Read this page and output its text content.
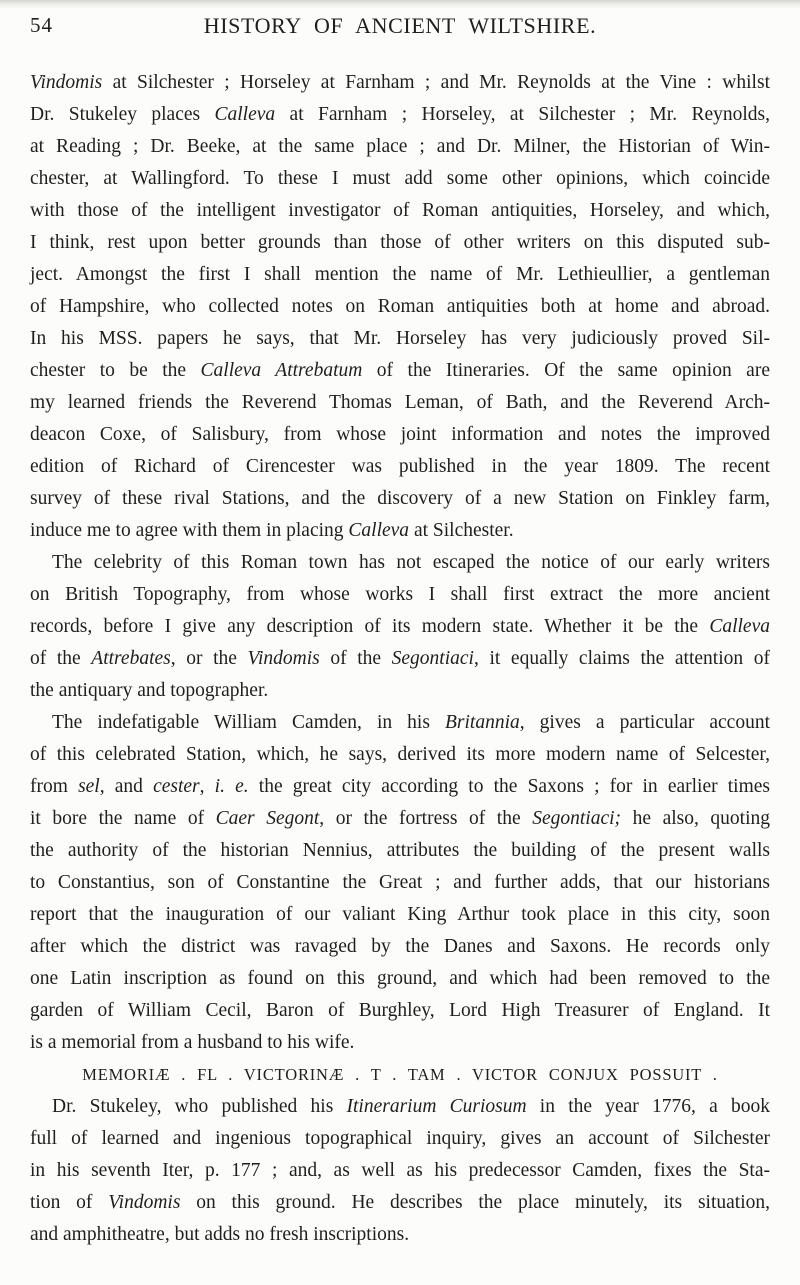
54	HISTORY OF ANCIENT WILTSHIRE.
Vindomis at Silchester ; Horseley at Farnham ; and Mr. Reynolds at the Vine : whilst
Dr. Stukeley places Calleva at Farnham ; Horseley, at Silchester ; Mr. Reynolds,
at Reading ; Dr. Beeke, at the same place ; and Dr. Milner, the Historian of Win-
chester, at Wallingford. To these I must add some other opinions, which coincide
with those of the intelligent investigator of Roman antiquities, Horseley, and which,
I think, rest upon better grounds than those of other writers on this disputed sub-
ject. Amongst the first I shall mention the name of Mr. Lethieullier, a gentleman
of Hampshire, who collected notes on Roman antiquities both at home and abroad.
In his MSS. papers he says, that Mr. Horseley has very judiciously proved Sil-
chester to be the Calleva Attrebatum of the Itineraries. Of the same opinion are
my learned friends the Reverend Thomas Leman, of Bath, and the Reverend Arch-
deacon Coxe, of Salisbury, from whose joint information and notes the improved
edition of Richard of Cirencester was published in the year 1809. The recent
survey of these rival Stations, and the discovery of a new Station on Finkley farm,
induce me to agree with them in placing Calleva at Silchester.
The celebrity of this Roman town has not escaped the notice of our early writers
on British Topography, from whose works I shall first extract the more ancient
records, before I give any description of its modern state. Whether it be the Calleva
of the Attrebates, or the Vindomis of the Segontiaci, it equally claims the attention of
the antiquary and topographer.
The indefatigable William Camden, in his Britannia, gives a particular account
of this celebrated Station, which, he says, derived its more modern name of Selcester,
from sel, and cester, i. e. the great city according to the Saxons ; for in earlier times
it bore the name of Caer Segont, or the fortress of the Segontiaci; he also, quoting
the authority of the historian Nennius, attributes the building of the present walls
to Constantius, son of Constantine the Great ; and further adds, that our historians
report that the inauguration of our valiant King Arthur took place in this city, soon
after which the district was ravaged by the Danes and Saxons. He records only
one Latin inscription as found on this ground, and which had been removed to the
garden of William Cecil, Baron of Burghley, Lord High Treasurer of England. It
is a memorial from a husband to his wife.
MEMORIÆ . FL . VICTORINÆ . T . TAM . VICTOR CONJUX POSSUIT .
Dr. Stukeley, who published his Itinerarium Curiosum in the year 1776, a book
full of learned and ingenious topographical inquiry, gives an account of Silchester
in his seventh Iter, p. 177 ; and, as well as his predecessor Camden, fixes the Sta-
tion of Vindomis on this ground. He describes the place minutely, its situation,
and amphitheatre, but adds no fresh inscriptions.
